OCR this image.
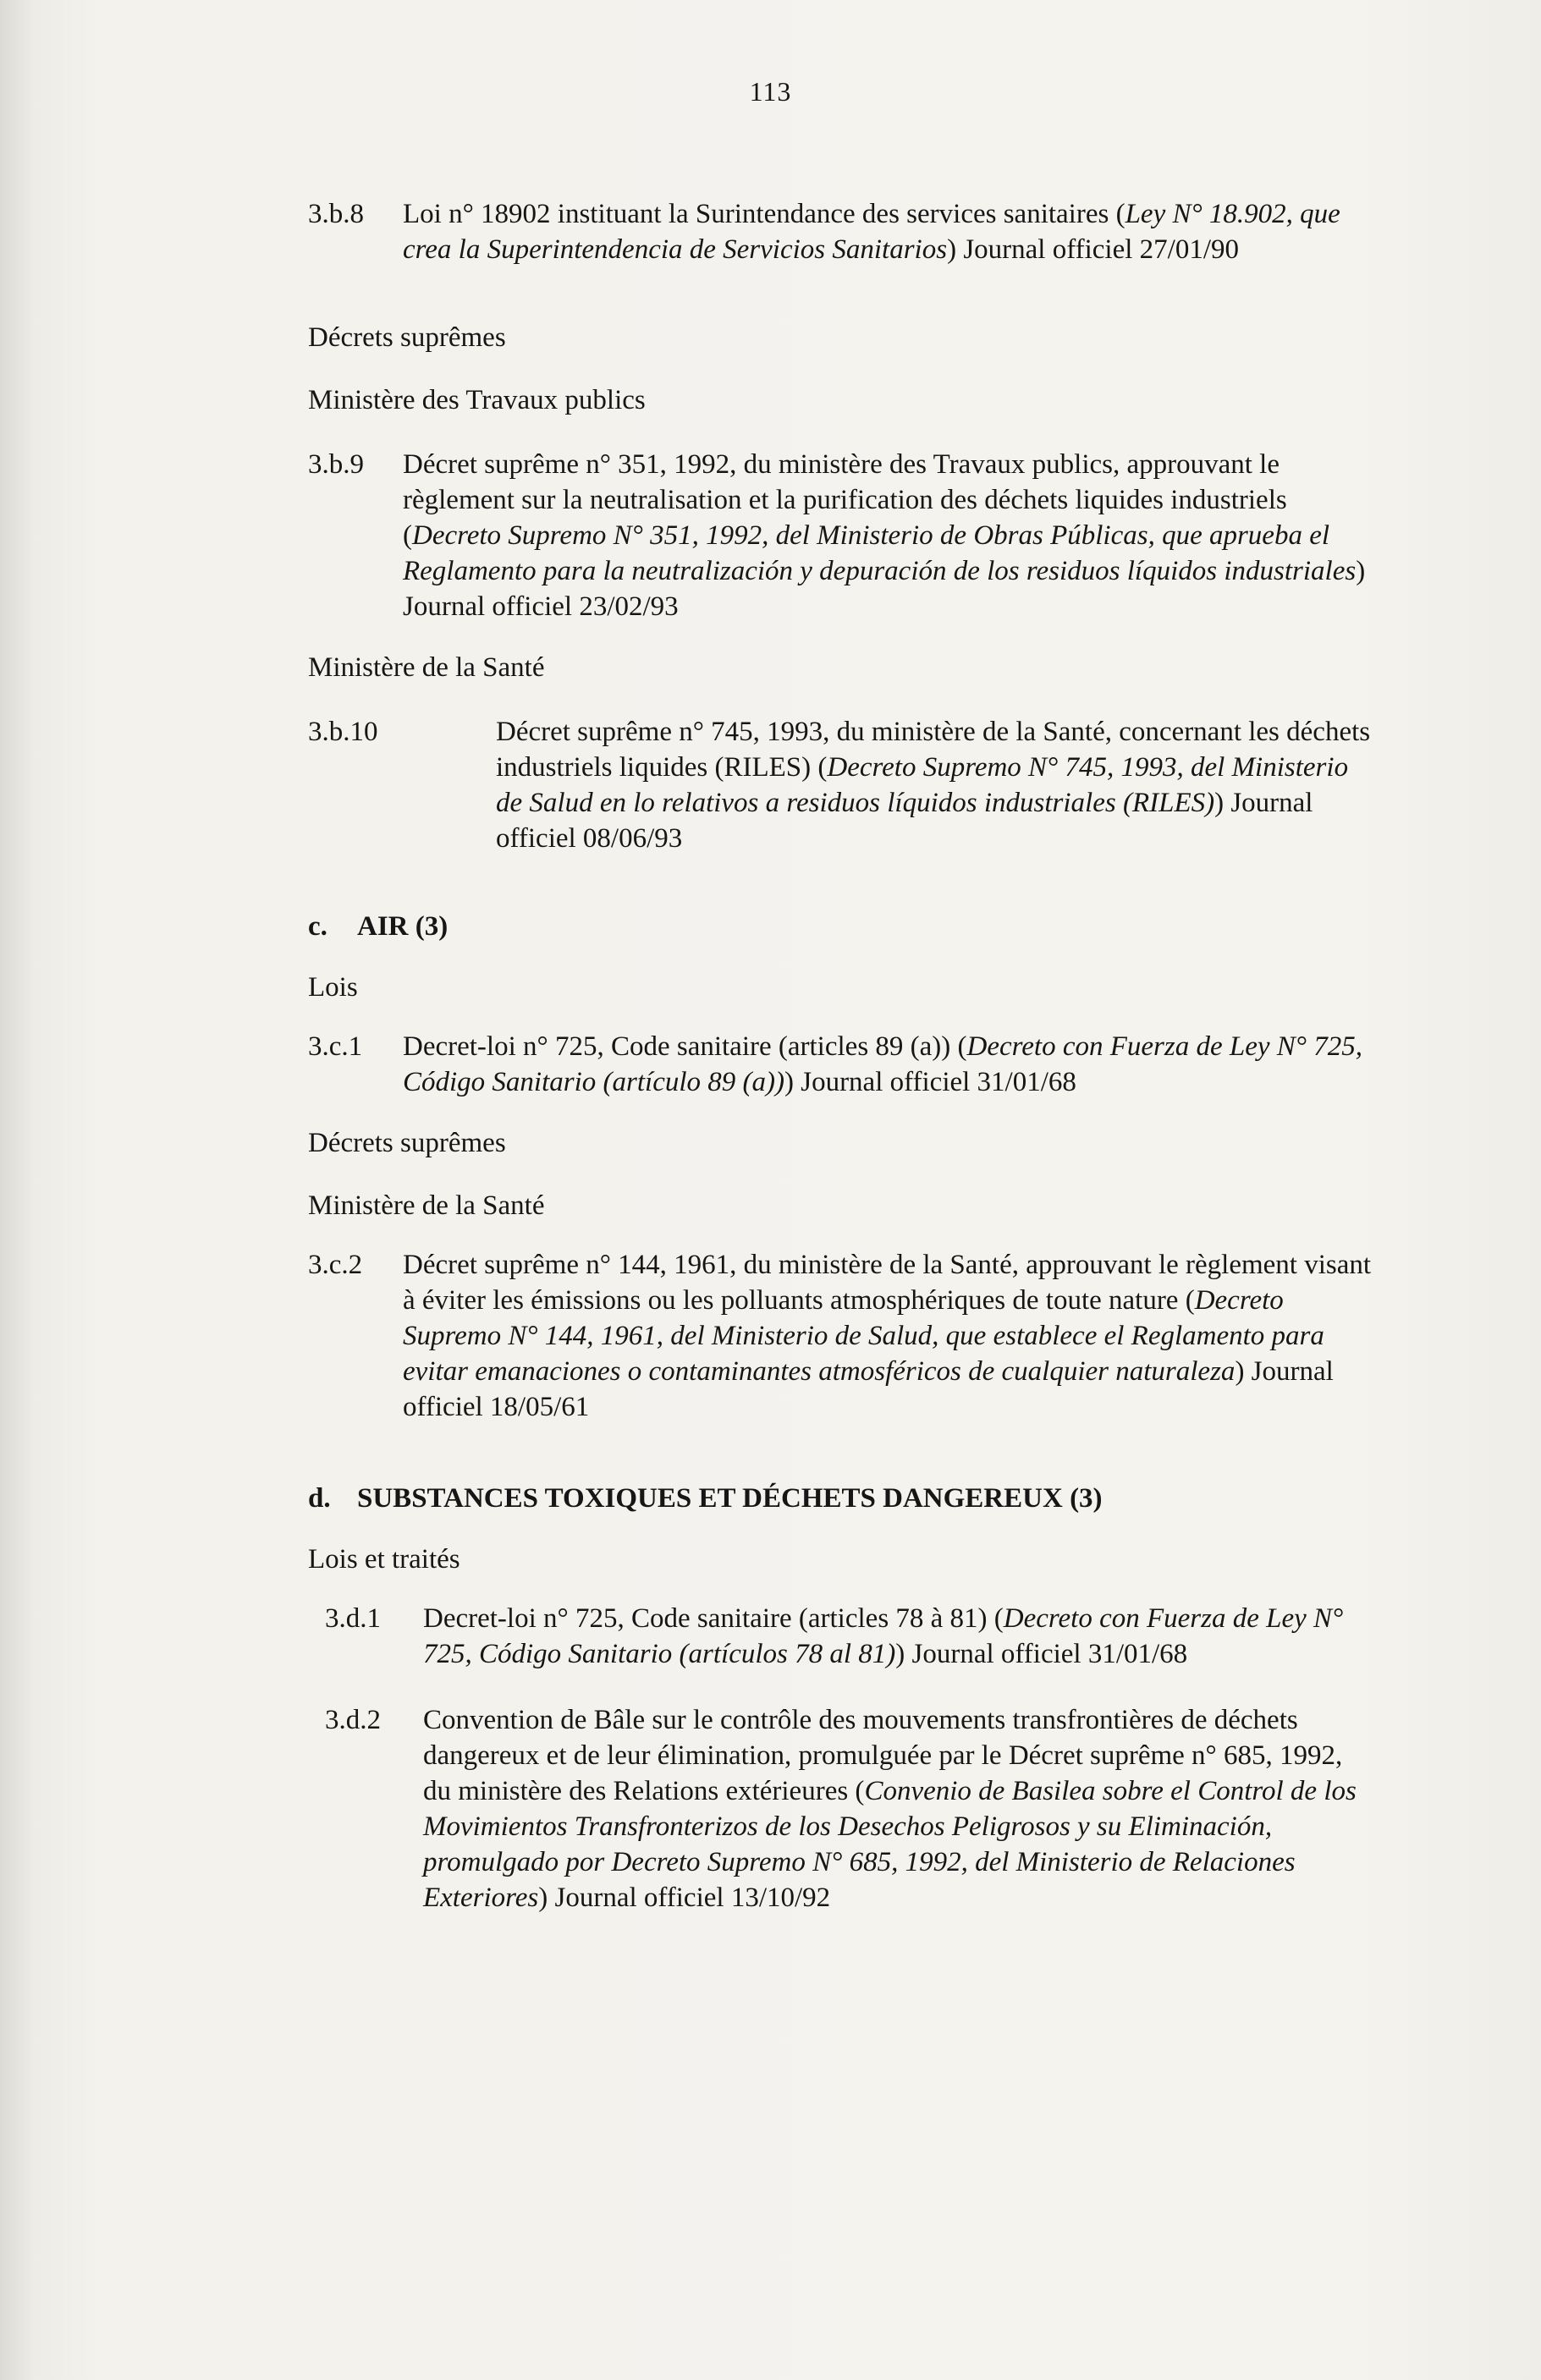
113
3.b.8	Loi n° 18902 instituant la Surintendance des services sanitaires (Ley N° 18.902, que crea la Superintendencia de Servicios Sanitarios) Journal officiel 27/01/90

Décrets suprêmes

Ministère des Travaux publics

3.b.9	Décret suprême n° 351, 1992, du ministère des Travaux publics, approuvant le règlement sur la neutralisation et la purification des déchets liquides industriels (Decreto Supremo N° 351, 1992, del Ministerio de Obras Públicas, que aprueba el Reglamento para la neutralización y depuración de los residuos líquidos industriales) Journal officiel 23/02/93

Ministère de la Santé

3.b.10	Décret suprême n° 745, 1993, du ministère de la Santé, concernant les déchets industriels liquides (RILES) (Decreto Supremo N° 745, 1993, del Ministerio de Salud en lo relativos a residuos líquidos industriales (RILES)) Journal officiel 08/06/93
c.	AIR (3)

Lois

3.c.1	Decret-loi n° 725, Code sanitaire (articles 89 (a)) (Decreto con Fuerza de Ley N° 725, Código Sanitario (artículo 89 (a))) Journal officiel 31/01/68

Décrets suprêmes

Ministère de la Santé

3.c.2	Décret suprême n° 144, 1961, du ministère de la Santé, approuvant le règlement visant à éviter les émissions ou les polluants atmosphériques de toute nature (Decreto Supremo N° 144, 1961, del Ministerio de Salud, que establece el Reglamento para evitar emanaciones o contaminantes atmosféricos de cualquier naturaleza) Journal officiel 18/05/61
d. SUBSTANCES TOXIQUES ET DÉCHETS DANGEREUX (3)

Lois et traités

3.d.1	Decret-loi n° 725, Code sanitaire (articles 78 à 81) (Decreto con Fuerza de Ley N° 725, Código Sanitario (artículos 78 al 81)) Journal officiel 31/01/68
3.d.2	Convention de Bâle sur le contrôle des mouvements transfrontières de déchets dangereux et de leur élimination, promulguée par le Décret suprême n° 685, 1992, du ministère des Relations extérieures (Convenio de Basilea sobre el Control de los Movimientos Transfronterizos de los Desechos Peligrosos y su Eliminación, promulgado por Decreto Supremo N° 685, 1992, del Ministerio de Relaciones Exteriores) Journal officiel 13/10/92
